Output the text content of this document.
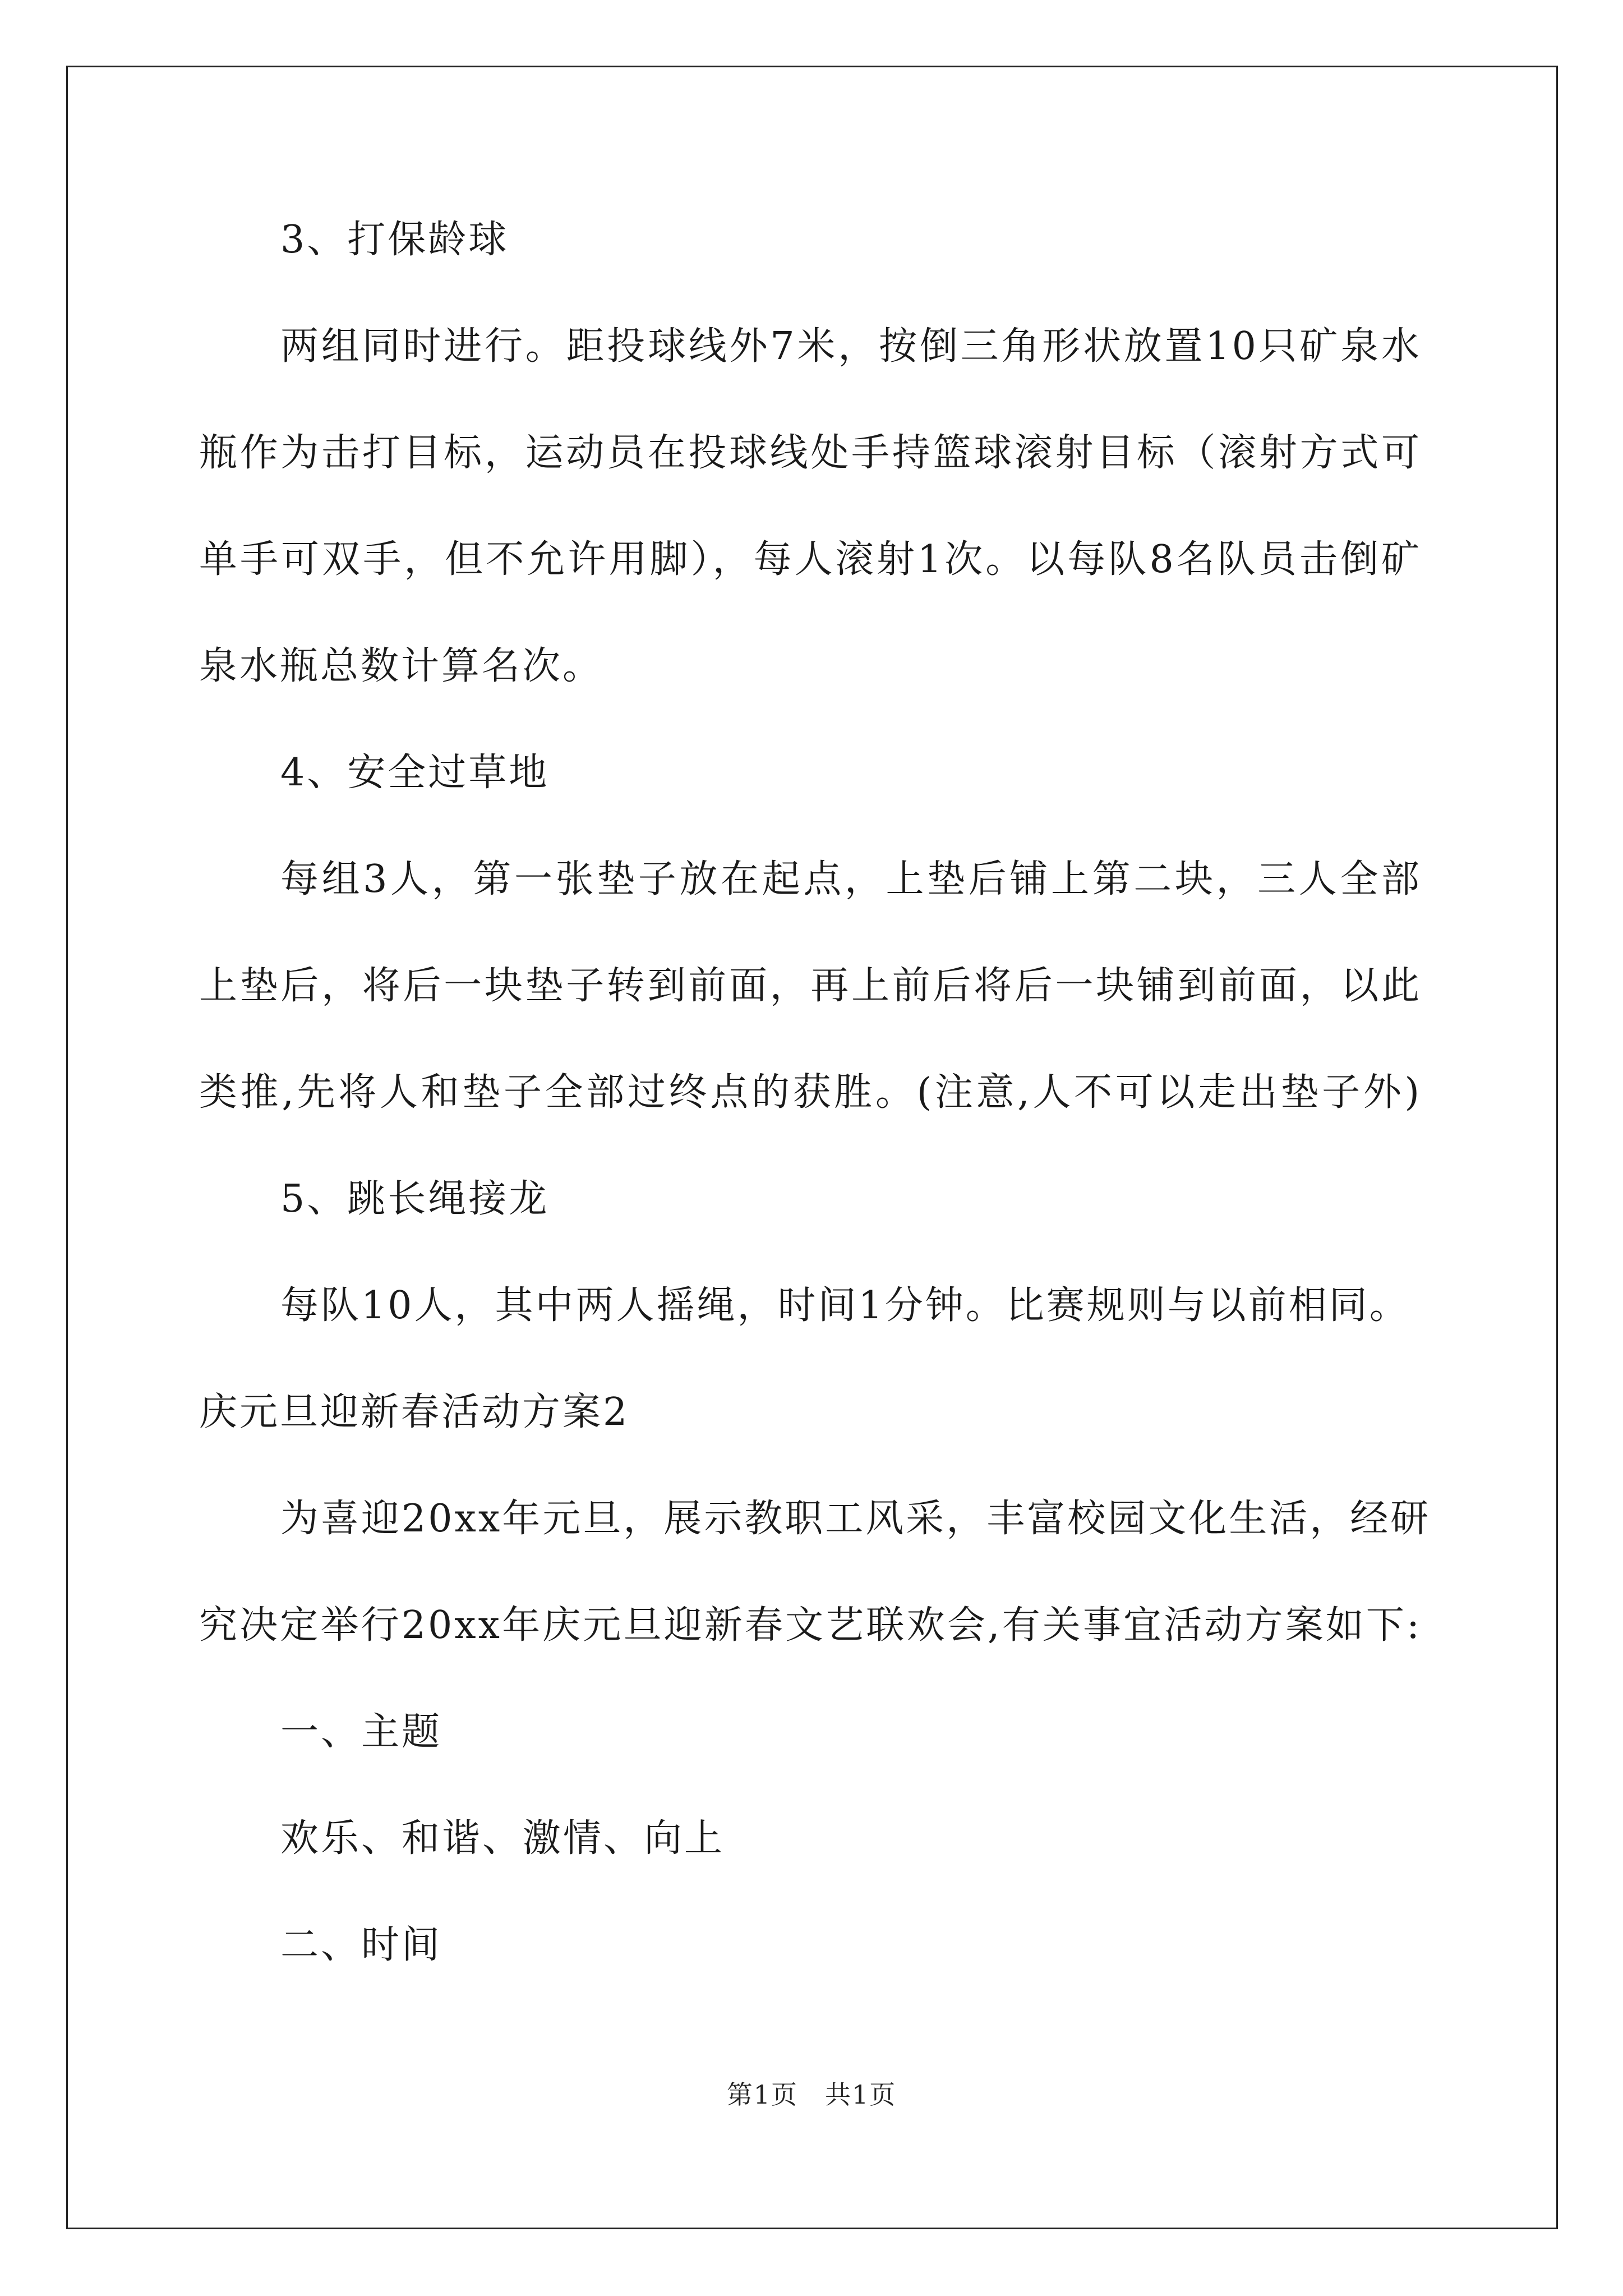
3、打保龄球
两组同时进行。距投球线外7米，按倒三角形状放置10只矿泉水
瓶作为击打目标，运动员在投球线处手持篮球滚射目标（滚射方式可
单手可双手，但不允许用脚），每人滚射1次。以每队8名队员击倒矿
泉水瓶总数计算名次。
4、安全过草地
每组3人，第一张垫子放在起点，上垫后铺上第二块，三人全部
上垫后，将后一块垫子转到前面，再上前后将后一块铺到前面，以此
类推,先将人和垫子全部过终点的获胜。(注意,人不可以走出垫子外)
5、跳长绳接龙
每队10人，其中两人摇绳，时间1分钟。比赛规则与以前相同。
庆元旦迎新春活动方案2
为喜迎20xx年元旦，展示教职工风采，丰富校园文化生活，经研
究决定举行20xx年庆元旦迎新春文艺联欢会,有关事宜活动方案如下:
一、主题
欢乐、和谐、激情、向上
二、时间
第1页　共1页
